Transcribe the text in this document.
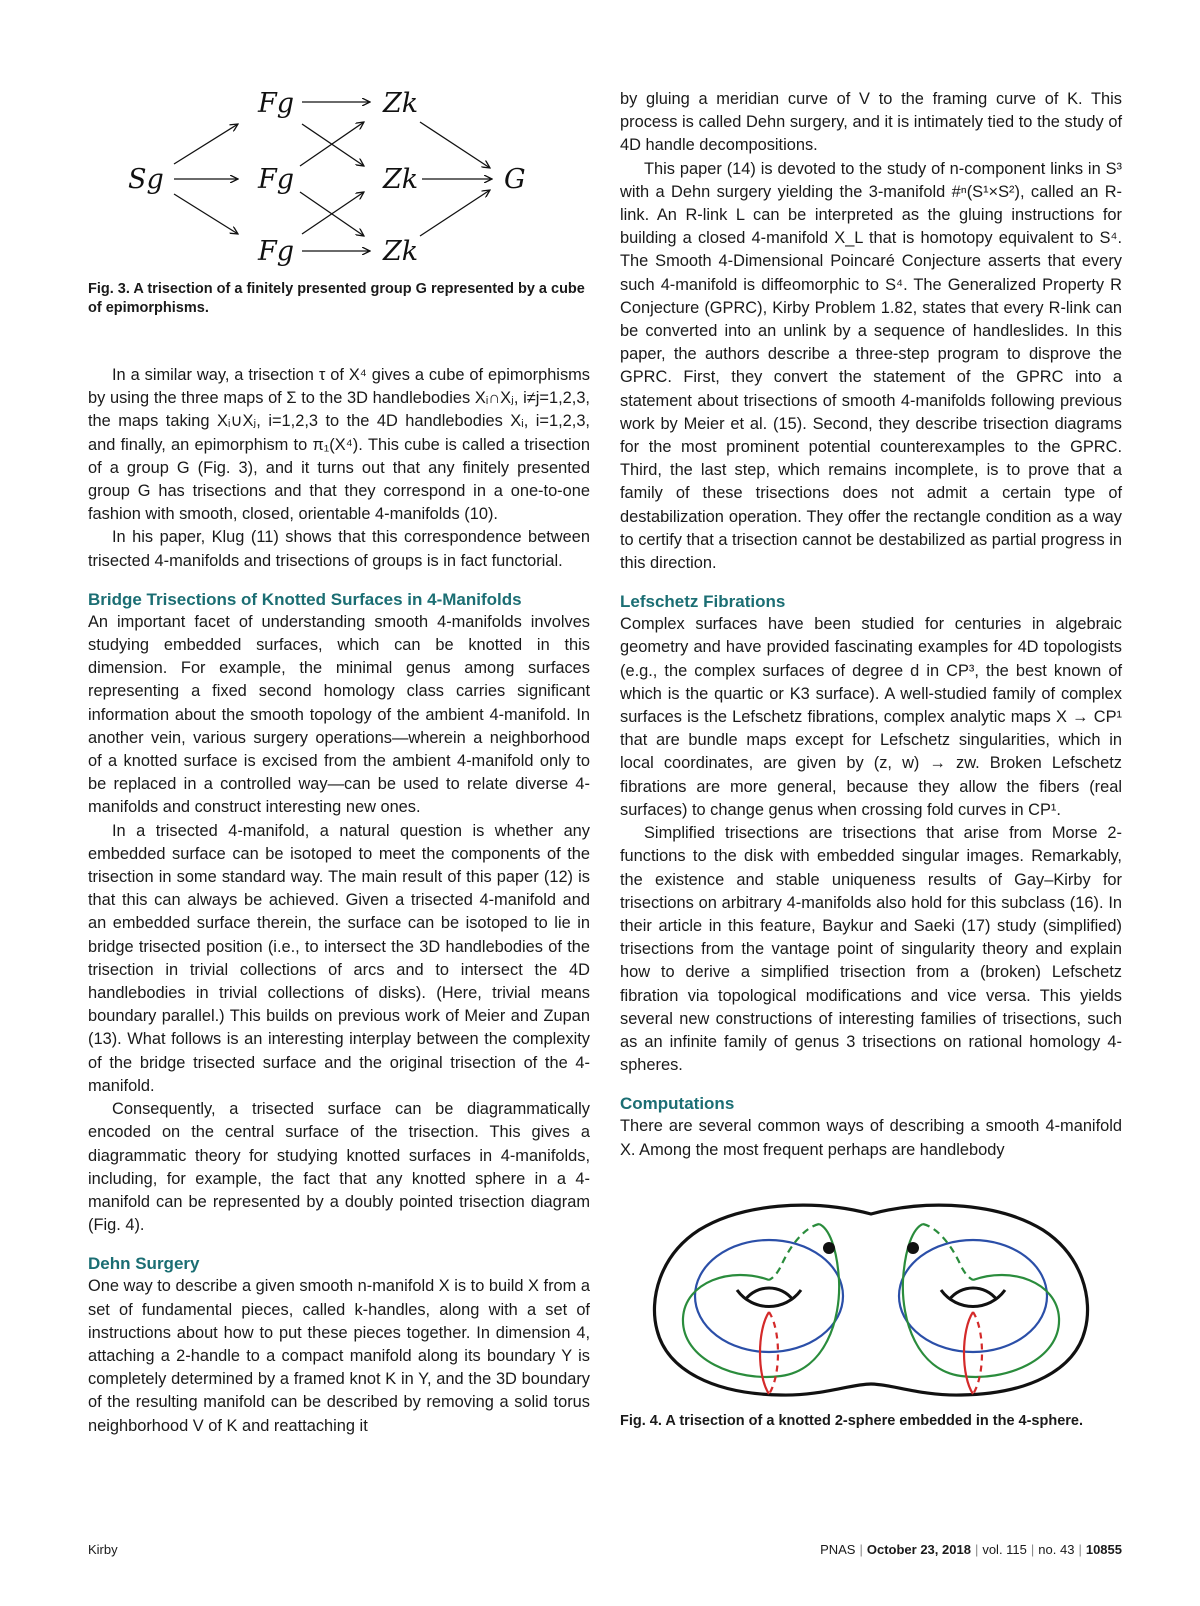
Sg
Fg
Fg
Fg
Zk
Zk
Zk
G
Fig. 3. A trisection of a finitely presented group G represented by a cube of epimorphisms.

In a similar way, a trisection τ of X⁴ gives a cube of epimorphisms by using the three maps of Σ to the 3D handlebodies Xᵢ∩Xⱼ, i≠j=1,2,3, the maps taking Xᵢ∪Xⱼ, i=1,2,3 to the 4D handlebodies Xᵢ, i=1,2,3, and finally, an epimorphism to π₁(X⁴). This cube is called a trisection of a group G (Fig. 3), and it turns out that any finitely presented group G has trisections and that they correspond in a one-to-one fashion with smooth, closed, orientable 4-manifolds (10).

In his paper, Klug (11) shows that this correspondence between trisected 4-manifolds and trisections of groups is in fact functorial.

Bridge Trisections of Knotted Surfaces in 4-Manifolds

An important facet of understanding smooth 4-manifolds involves studying embedded surfaces, which can be knotted in this dimension. For example, the minimal genus among surfaces representing a fixed second homology class carries significant information about the smooth topology of the ambient 4-manifold. In another vein, various surgery operations—wherein a neighborhood of a knotted surface is excised from the ambient 4-manifold only to be replaced in a controlled way—can be used to relate diverse 4-manifolds and construct interesting new ones.

In a trisected 4-manifold, a natural question is whether any embedded surface can be isotoped to meet the components of the trisection in some standard way. The main result of this paper (12) is that this can always be achieved. Given a trisected 4-manifold and an embedded surface therein, the surface can be isotoped to lie in bridge trisected position (i.e., to intersect the 3D handlebodies of the trisection in trivial collections of arcs and to intersect the 4D handlebodies in trivial collections of disks). (Here, trivial means boundary parallel.) This builds on previous work of Meier and Zupan (13). What follows is an interesting interplay between the complexity of the bridge trisected surface and the original trisection of the 4-manifold.

Consequently, a trisected surface can be diagrammatically encoded on the central surface of the trisection. This gives a diagrammatic theory for studying knotted surfaces in 4-manifolds, including, for example, the fact that any knotted sphere in a 4-manifold can be represented by a doubly pointed trisection diagram (Fig. 4).

Dehn Surgery

One way to describe a given smooth n-manifold X is to build X from a set of fundamental pieces, called k-handles, along with a set of instructions about how to put these pieces together. In dimension 4, attaching a 2-handle to a compact manifold along its boundary Y is completely determined by a framed knot K in Y, and the 3D boundary of the resulting manifold can be described by removing a solid torus neighborhood V of K and reattaching it

by gluing a meridian curve of V to the framing curve of K. This process is called Dehn surgery, and it is intimately tied to the study of 4D handle decompositions.

This paper (14) is devoted to the study of n-component links in S³ with a Dehn surgery yielding the 3-manifold #ⁿ(S¹×S²), called an R-link. An R-link L can be interpreted as the gluing instructions for building a closed 4-manifold X_L that is homotopy equivalent to S⁴. The Smooth 4-Dimensional Poincaré Conjecture asserts that every such 4-manifold is diffeomorphic to S⁴. The Generalized Property R Conjecture (GPRC), Kirby Problem 1.82, states that every R-link can be converted into an unlink by a sequence of handleslides. In this paper, the authors describe a three-step program to disprove the GPRC. First, they convert the statement of the GPRC into a statement about trisections of smooth 4-manifolds following previous work by Meier et al. (15). Second, they describe trisection diagrams for the most prominent potential counterexamples to the GPRC. Third, the last step, which remains incomplete, is to prove that a family of these trisections does not admit a certain type of destabilization operation. They offer the rectangle condition as a way to certify that a trisection cannot be destabilized as partial progress in this direction.

Lefschetz Fibrations

Complex surfaces have been studied for centuries in algebraic geometry and have provided fascinating examples for 4D topologists (e.g., the complex surfaces of degree d in CP³, the best known of which is the quartic or K3 surface). A well-studied family of complex surfaces is the Lefschetz fibrations, complex analytic maps X → CP¹ that are bundle maps except for Lefschetz singularities, which in local coordinates, are given by (z, w) → zw. Broken Lefschetz fibrations are more general, because they allow the fibers (real surfaces) to change genus when crossing fold curves in CP¹.

Simplified trisections are trisections that arise from Morse 2-functions to the disk with embedded singular images. Remarkably, the existence and stable uniqueness results of Gay–Kirby for trisections on arbitrary 4-manifolds also hold for this subclass (16). In their article in this feature, Baykur and Saeki (17) study (simplified) trisections from the vantage point of singularity theory and explain how to derive a simplified trisection from a (broken) Lefschetz fibration via topological modifications and vice versa. This yields several new constructions of interesting families of trisections, such as an infinite family of genus 3 trisections on rational homology 4-spheres.

Computations

There are several common ways of describing a smooth 4-manifold X. Among the most frequent perhaps are handlebody

Fig. 4. A trisection of a knotted 2-sphere embedded in the 4-sphere.
Kirby	PNAS | October 23, 2018 | vol. 115 | no. 43 | 10855
